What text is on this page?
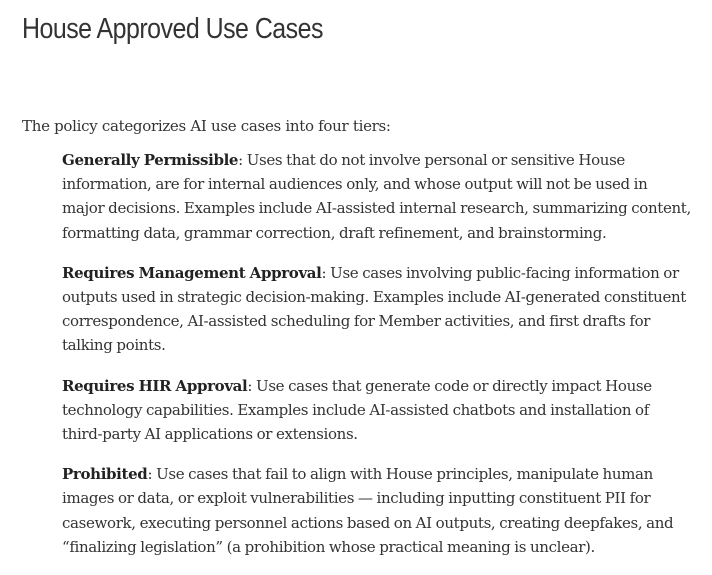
House Approved Use Cases

The policy categorizes AI use cases into four tiers:

Generally Permissible: Uses that do not involve personal or sensitive House information, are for internal audiences only, and whose output will not be used in major decisions. Examples include AI-assisted internal research, summarizing content, formatting data, grammar correction, draft refinement, and brainstorming.
Requires Management Approval: Use cases involving public-facing information or outputs used in strategic decision-making. Examples include AI-generated constituent correspondence, AI-assisted scheduling for Member activities, and first drafts for talking points.
Requires HIR Approval: Use cases that generate code or directly impact House technology capabilities. Examples include AI-assisted chatbots and installation of third-party AI applications or extensions.
Prohibited: Use cases that fail to align with House principles, manipulate human images or data, or exploit vulnerabilities — including inputting constituent PII for casework, executing personnel actions based on AI outputs, creating deepfakes, and “finalizing legislation” (a prohibition whose practical meaning is unclear).
